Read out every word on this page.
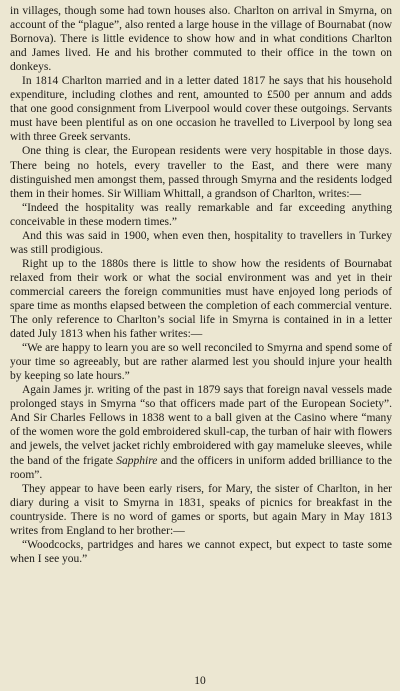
in villages, though some had town houses also. Charlton on arrival in Smyrna, on account of the “plague”, also rented a large house in the village of Bournabat (now Bornova). There is little evidence to show how and in what conditions Charlton and James lived. He and his brother commuted to their office in the town on donkeys.

In 1814 Charlton married and in a letter dated 1817 he says that his household expenditure, including clothes and rent, amounted to £500 per annum and adds that one good consignment from Liverpool would cover these outgoings. Servants must have been plentiful as on one occasion he travelled to Liverpool by long sea with three Greek servants.

One thing is clear, the European residents were very hospitable in those days. There being no hotels, every traveller to the East, and there were many distinguished men amongst them, passed through Smyrna and the residents lodged them in their homes. Sir William Whittall, a grandson of Charlton, writes:—

“Indeed the hospitality was really remarkable and far exceeding anything conceivable in these modern times.”

And this was said in 1900, when even then, hospitality to travellers in Turkey was still prodigious.

Right up to the 1880s there is little to show how the residents of Bournabat relaxed from their work or what the social environment was and yet in their commercial careers the foreign communities must have enjoyed long periods of spare time as months elapsed between the completion of each commercial venture. The only reference to Charlton’s social life in Smyrna is contained in in a letter dated July 1813 when his father writes:—

“We are happy to learn you are so well reconciled to Smyrna and spend some of your time so agreeably, but are rather alarmed lest you should injure your health by keeping so late hours.”

Again James jr. writing of the past in 1879 says that foreign naval vessels made prolonged stays in Smyrna “so that officers made part of the European Society”. And Sir Charles Fellows in 1838 went to a ball given at the Casino where “many of the women wore the gold embroidered skull-cap, the turban of hair with flowers and jewels, the velvet jacket richly embroidered with gay mameluke sleeves, while the band of the frigate Sapphire and the officers in uniform added brilliance to the room”.

They appear to have been early risers, for Mary, the sister of Charlton, in her diary during a visit to Smyrna in 1831, speaks of picnics for breakfast in the countryside. There is no word of games or sports, but again Mary in May 1813 writes from England to her brother:—

“Woodcocks, partridges and hares we cannot expect, but expect to taste some when I see you.”

10
